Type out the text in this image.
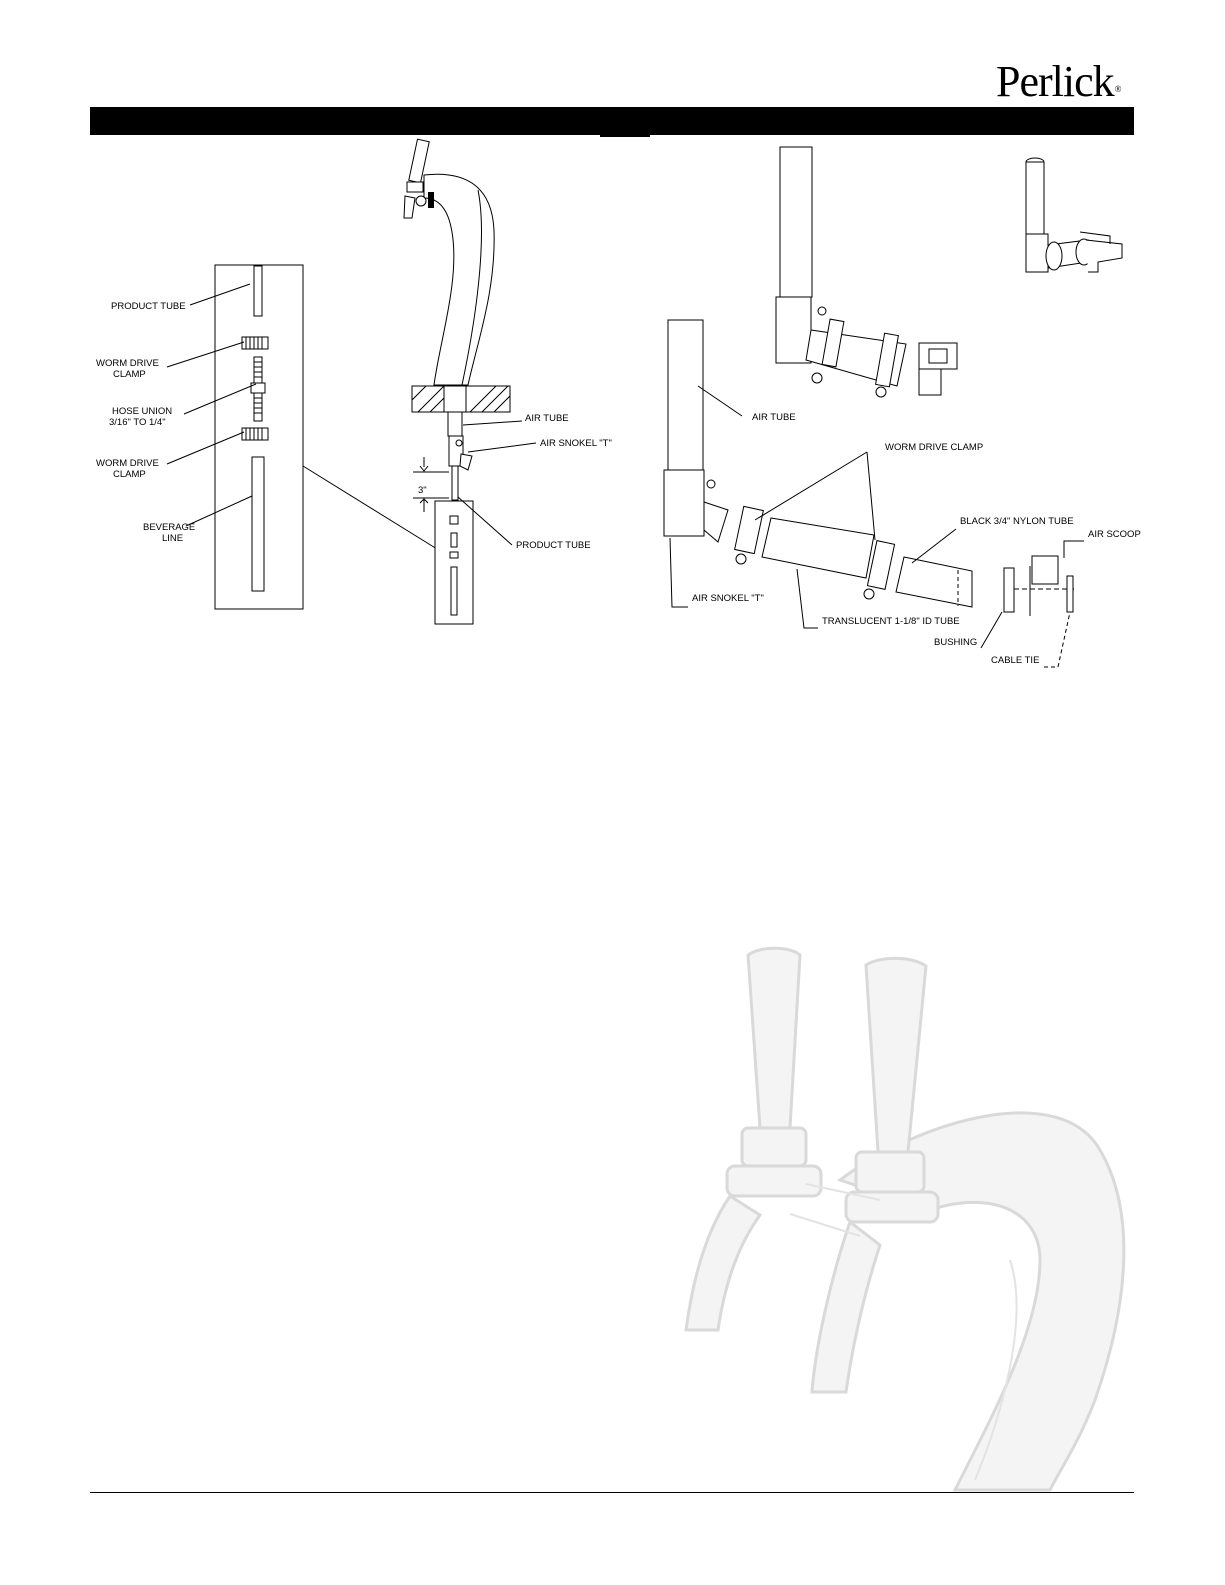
Perlick®
PRODUCT TUBE
WORM DRIVE
CLAMP
HOSE UNION
3/16" TO 1/4"
WORM DRIVE
CLAMP
BEVERAGE
LINE
3"
AIR TUBE
AIR SNOKEL "T"
PRODUCT TUBE
AIR TUBE
WORM DRIVE CLAMP
BLACK 3/4" NYLON TUBE
AIR SCOOP
AIR SNOKEL "T"
TRANSLUCENT 1-1/8" ID TUBE
BUSHING
CABLE TIE
